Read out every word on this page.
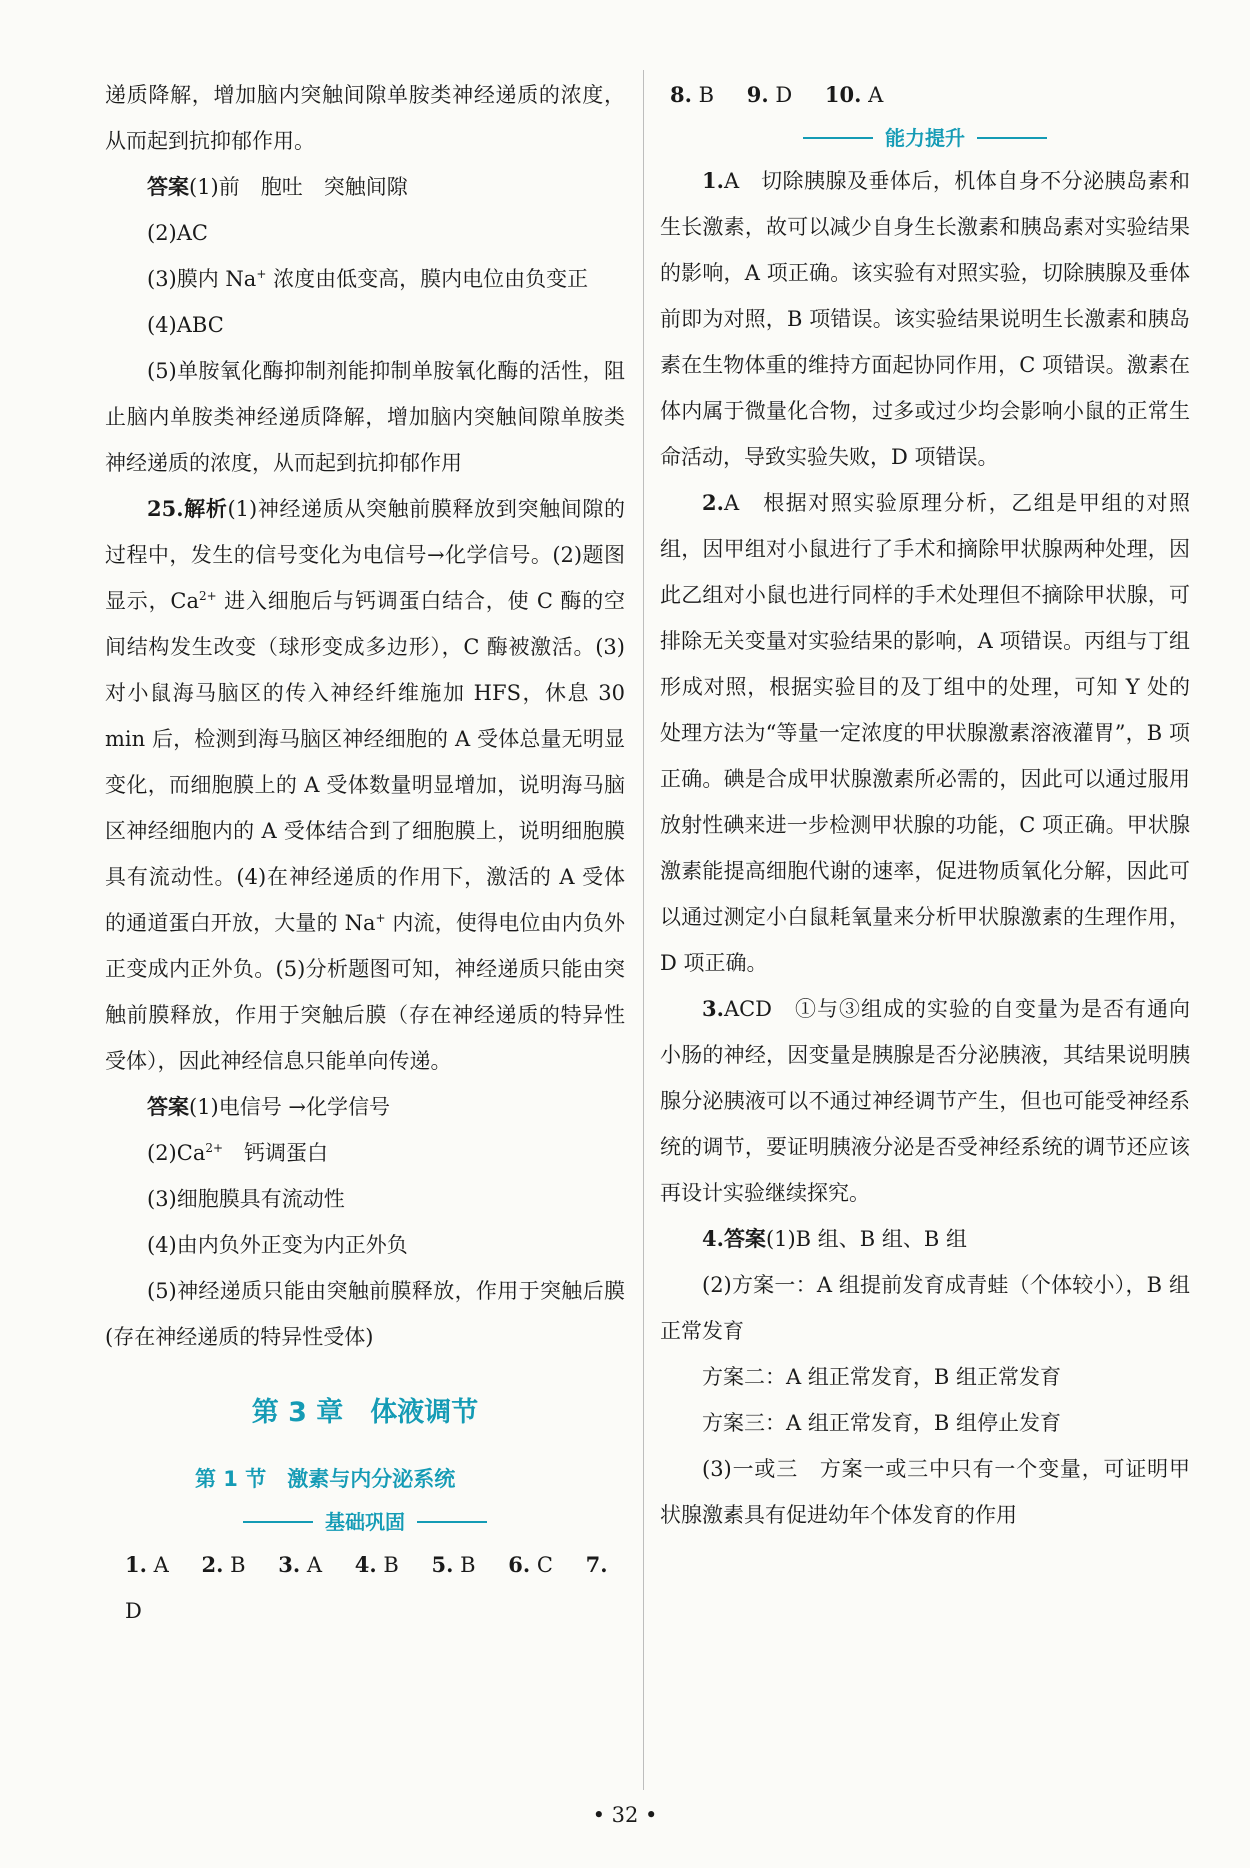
递质降解，增加脑内突触间隙单胺类神经递质的浓度，从而起到抗抑郁作用。

答案(1)前　胞吐　突触间隙

(2)AC

(3)膜内 Na+ 浓度由低变高，膜内电位由负变正

(4)ABC

(5)单胺氧化酶抑制剂能抑制单胺氧化酶的活性，阻止脑内单胺类神经递质降解，增加脑内突触间隙单胺类神经递质的浓度，从而起到抗抑郁作用

25.解析(1)神经递质从突触前膜释放到突触间隙的过程中，发生的信号变化为电信号→化学信号。(2)题图显示，$Ca^{2+}$ 进入细胞后与钙调蛋白结合，使 C 酶的空间结构发生改变（球形变成多边形），C 酶被激活。(3)对小鼠海马脑区的传入神经纤维施加 HFS，休息 30 min 后，检测到海马脑区神经细胞的 A 受体总量无明显变化，而细胞膜上的 A 受体数量明显增加，说明海马脑区神经细胞内的 A 受体结合到了细胞膜上，说明细胞膜具有流动性。(4)在神经递质的作用下，激活的 A 受体的通道蛋白开放，大量的 Na+ 内流，使得电位由内负外正变成内正外负。(5)分析题图可知，神经递质只能由突触前膜释放，作用于突触后膜（存在神经递质的特异性受体），因此神经信息只能单向传递。

答案(1)电信号 →化学信号

$(2)Ca^{2+}$　钙调蛋白

(3)细胞膜具有流动性

(4)由内负外正变为内正外负

(5)神经递质只能由突触前膜释放，作用于突触后膜(存在神经递质的特异性受体)

第 3 章　体液调节
第 1 节　激素与内分泌系统
基础巩固
1. A 2. B 3. A 4. B 5. B 6. C 7. D
8. B 9. D 10. A
能力提升

1.A　 切除胰腺及垂体后，机体自身不分泌胰岛素和生长激素，故可以减少自身生长激素和胰岛素对实验结果的影响，A 项正确。该实验有对照实验，切除胰腺及垂体前即为对照，B 项错误。该实验结果说明生长激素和胰岛素在生物体重的维持方面起协同作用，C 项错误。激素在体内属于微量化合物，过多或过少均会影响小鼠的正常生命活动，导致实验失败，D 项错误。

2.A　 根据对照实验原理分析，乙组是甲组的对照组，因甲组对小鼠进行了手术和摘除甲状腺两种处理，因此乙组对小鼠也进行同样的手术处理但不摘除甲状腺，可排除无关变量对实验结果的影响，A 项错误。丙组与丁组形成对照，根据实验目的及丁组中的处理，可知 Y 处的处理方法为“等量一定浓度的甲状腺激素溶液灌胃”，B 项正确。碘是合成甲状腺激素所必需的，因此可以通过服用放射性碘来进一步检测甲状腺的功能，C 项正确。甲状腺激素能提高细胞代谢的速率，促进物质氧化分解，因此可以通过测定小白鼠耗氧量来分析甲状腺激素的生理作用，D 项正确。

3.ACD　 ①与③组成的实验的自变量为是否有通向小肠的神经，因变量是胰腺是否分泌胰液，其结果说明胰腺分泌胰液可以不通过神经调节产生，但也可能受神经系统的调节，要证明胰液分泌是否受神经系统的调节还应该再设计实验继续探究。

4.答案(1)B 组、B 组、B 组

(2)方案一：A 组提前发育成青蛙（个体较小），B 组正常发育

方案二：A 组正常发育，B 组正常发育

方案三：A 组正常发育，B 组停止发育

(3)一或三　方案一或三中只有一个变量，可证明甲状腺激素具有促进幼年个体发育的作用

• 32 •
